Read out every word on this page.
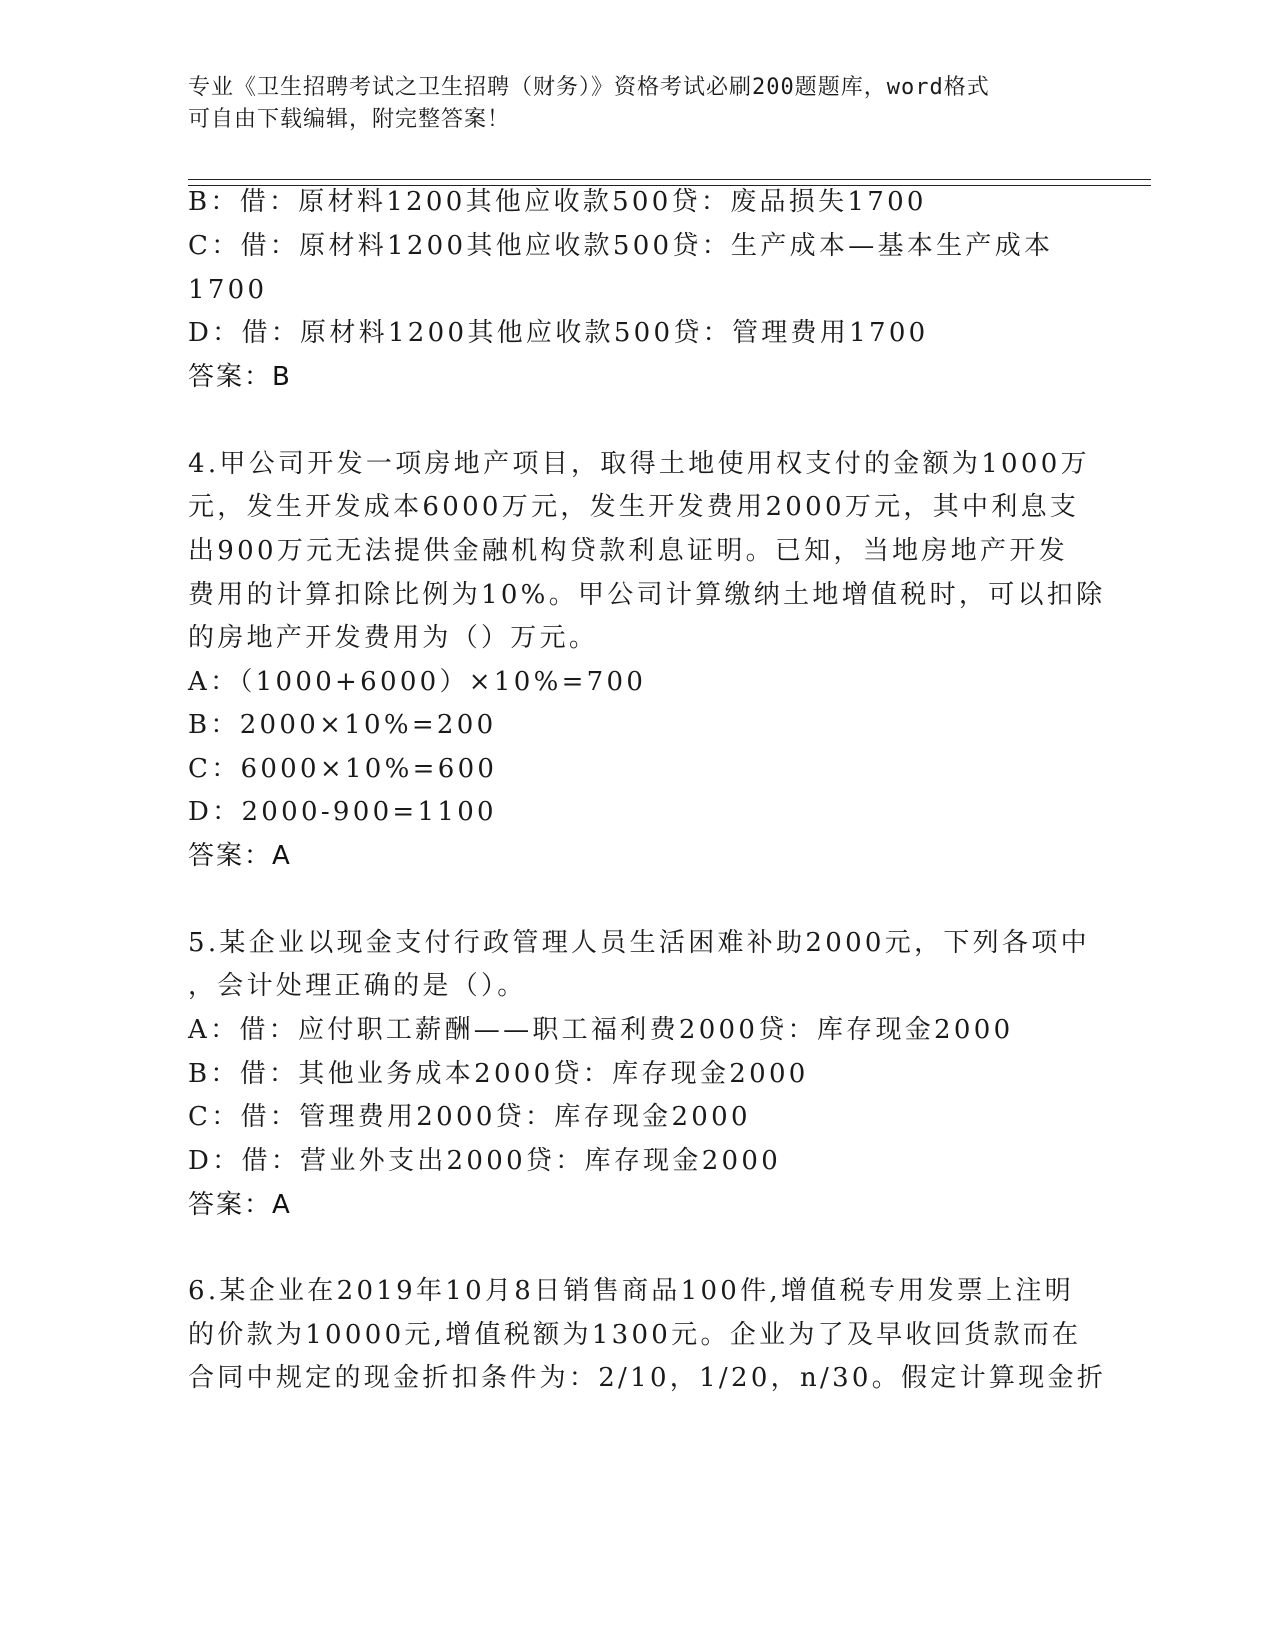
专业《卫生招聘考试之卫生招聘（财务）》资格考试必刷200题题库，word格式
可自由下载编辑，附完整答案！
B：借：原材料1200其他应收款500贷：废品损失1700
C：借：原材料1200其他应收款500贷：生产成本—基本生产成本
1700
D：借：原材料1200其他应收款500贷：管理费用1700
答案：B
4.甲公司开发一项房地产项目，取得土地使用权支付的金额为1000万
元，发生开发成本6000万元，发生开发费用2000万元，其中利息支
出900万元无法提供金融机构贷款利息证明。已知，当地房地产开发
费用的计算扣除比例为10%。甲公司计算缴纳土地增值税时，可以扣除
的房地产开发费用为（）万元。
A：（1000+6000）×10%=700
B：2000×10%=200
C：6000×10%=600
D：2000-900=1100
答案：A
5.某企业以现金支付行政管理人员生活困难补助2000元，下列各项中
，会计处理正确的是（）。
A：借：应付职工薪酬——职工福利费2000贷：库存现金2000
B：借：其他业务成本2000贷：库存现金2000
C：借：管理费用2000贷：库存现金2000
D：借：营业外支出2000贷：库存现金2000
答案：A
6.某企业在2019年10月8日销售商品100件,增值税专用发票上注明
的价款为10000元,增值税额为1300元。企业为了及早收回货款而在
合同中规定的现金折扣条件为：2/10，1/20，n/30。假定计算现金折
